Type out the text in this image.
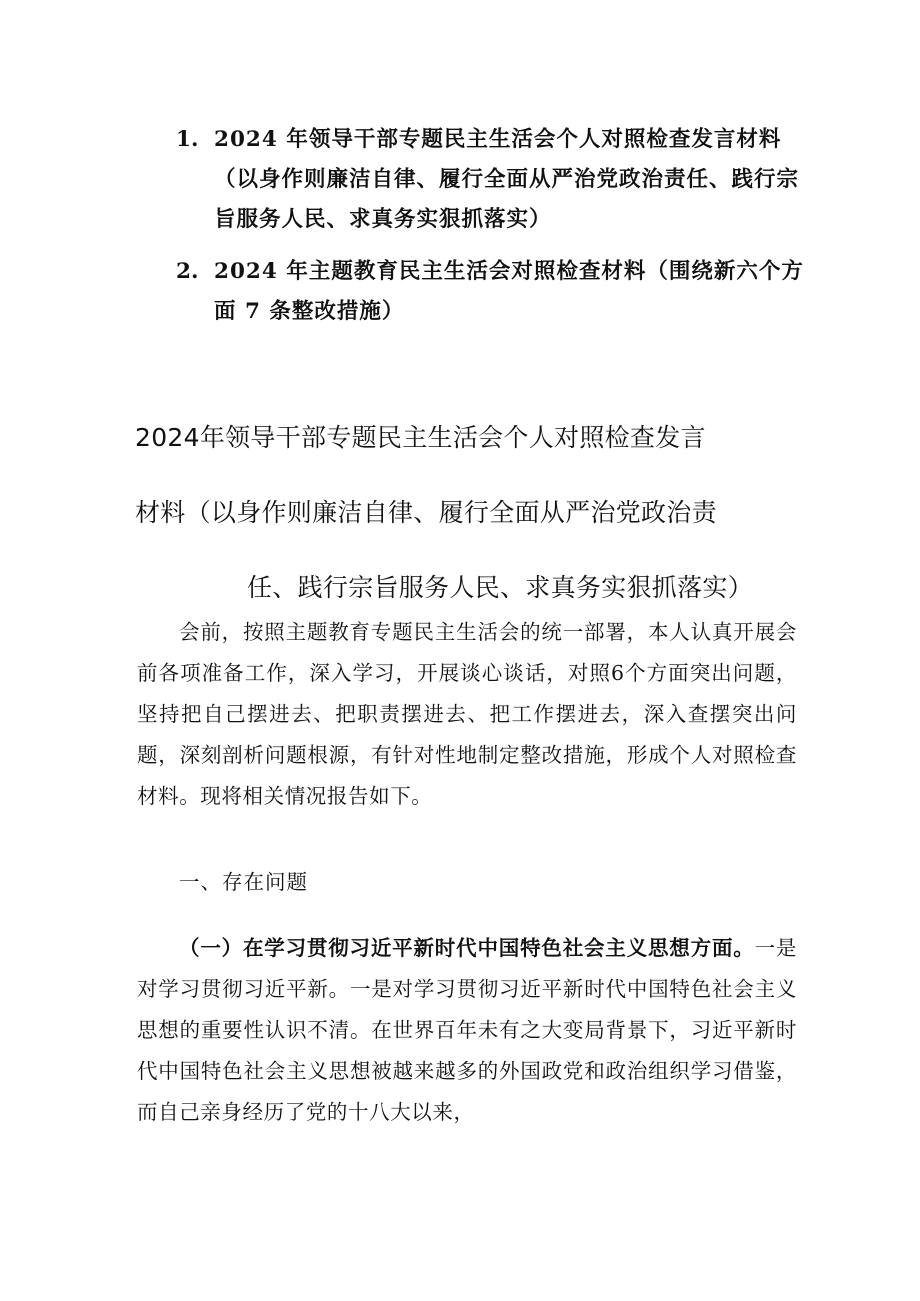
1. 2024 年领导干部专题民主生活会个人对照检查发言材料（以身作则廉洁自律、履行全面从严治党政治责任、践行宗旨服务人民、求真务实狠抓落实）
2. 2024 年主题教育民主生活会对照检查材料（围绕新六个方面 7 条整改措施）
2024年领导干部专题民主生活会个人对照检查发言
材料（以身作则廉洁自律、履行全面从严治党政治责
任、践行宗旨服务人民、求真务实狠抓落实）

会前，按照主题教育专题民主生活会的统一部署，本人认真开展会前各项准备工作，深入学习，开展谈心谈话，对照6个方面突出问题，坚持把自己摆进去、把职责摆进去、把工作摆进去，深入查摆突出问题，深刻剖析问题根源，有针对性地制定整改措施，形成个人对照检查材料。现将相关情况报告如下。

一、存在问题

（一）在学习贯彻习近平新时代中国特色社会主义思想方面。一是对学习贯彻习近平新。一是对学习贯彻习近平新时代中国特色社会主义思想的重要性认识不清。在世界百年未有之大变局背景下，习近平新时代中国特色社会主义思想被越来越多的外国政党和政治组织学习借鉴，而自己亲身经历了党的十八大以来，
